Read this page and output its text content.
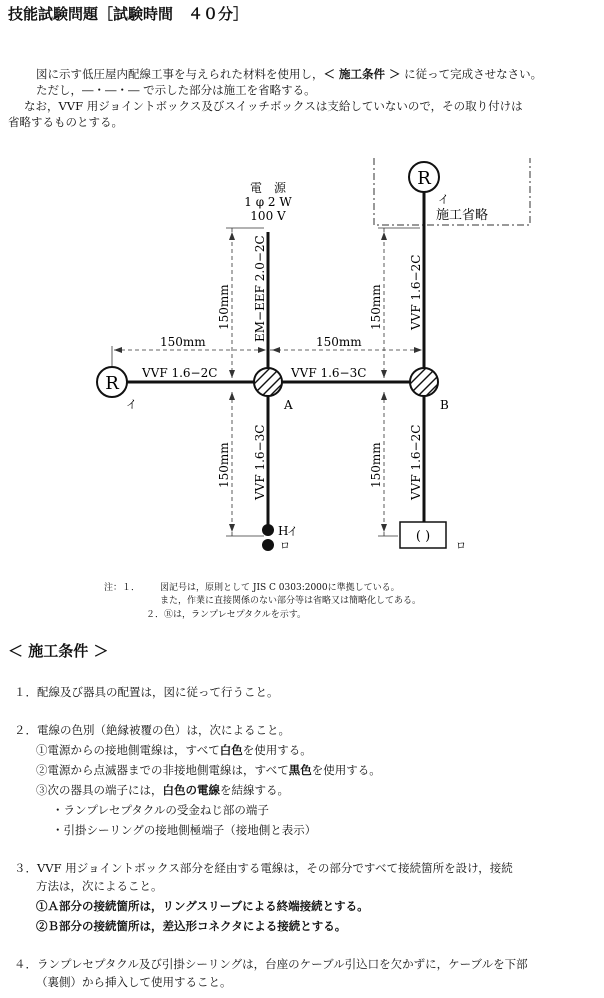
技能試験問題［試験時間　４０分］
図に示す低圧屋内配線工事を与えられた材料を使用し，＜ 施工条件 ＞ に従って完成させなさい。
ただし，―・―・― で示した部分は施工を省略する。
なお，VVF 用ジョイントボックス及びスイッチボックスは支給していないので，その取り付けは
省略するものとする。
電　源
1 φ 2 W
100 V
EM−EEF 2.0−2C	VVF 1.6−2C
VVF 1.6−3C	VVF 1.6−2C
VVF 1.6−2C	VVF 1.6−3C
150mm	150mm
150mm	150mm
150mm	150mm
A	B
R
R
イ
イ
施工省略
H
イ
ロ
( )
ロ
注：１． 図記号は，原則として JIS C 0303:2000に準拠している。
また，作業に直接関係のない部分等は省略又は簡略化してある。
２．Ⓡは，ランプレセプタクルを示す。
＜ 施工条件 ＞
１．配線及び器具の配置は，図に従って行うこと。
２．電線の色別（絶縁被覆の色）は，次によること。
①電源からの接地側電線は，すべて白色を使用する。
②電源から点滅器までの非接地側電線は，すべて黒色を使用する。
③次の器具の端子には，白色の電線を結線する。
・ランプレセプタクルの受金ねじ部の端子
・引掛シーリングの接地側極端子（接地側と表示）
３．VVF 用ジョイントボックス部分を経由する電線は，その部分ですべて接続箇所を設け，接続
方法は，次によること。
①Ａ部分の接続箇所は，リングスリーブによる終端接続とする。
②Ｂ部分の接続箇所は，差込形コネクタによる接続とする。
４．ランプレセプタクル及び引掛シーリングは，台座のケーブル引込口を欠かずに，ケーブルを下部
（裏側）から挿入して使用すること。
